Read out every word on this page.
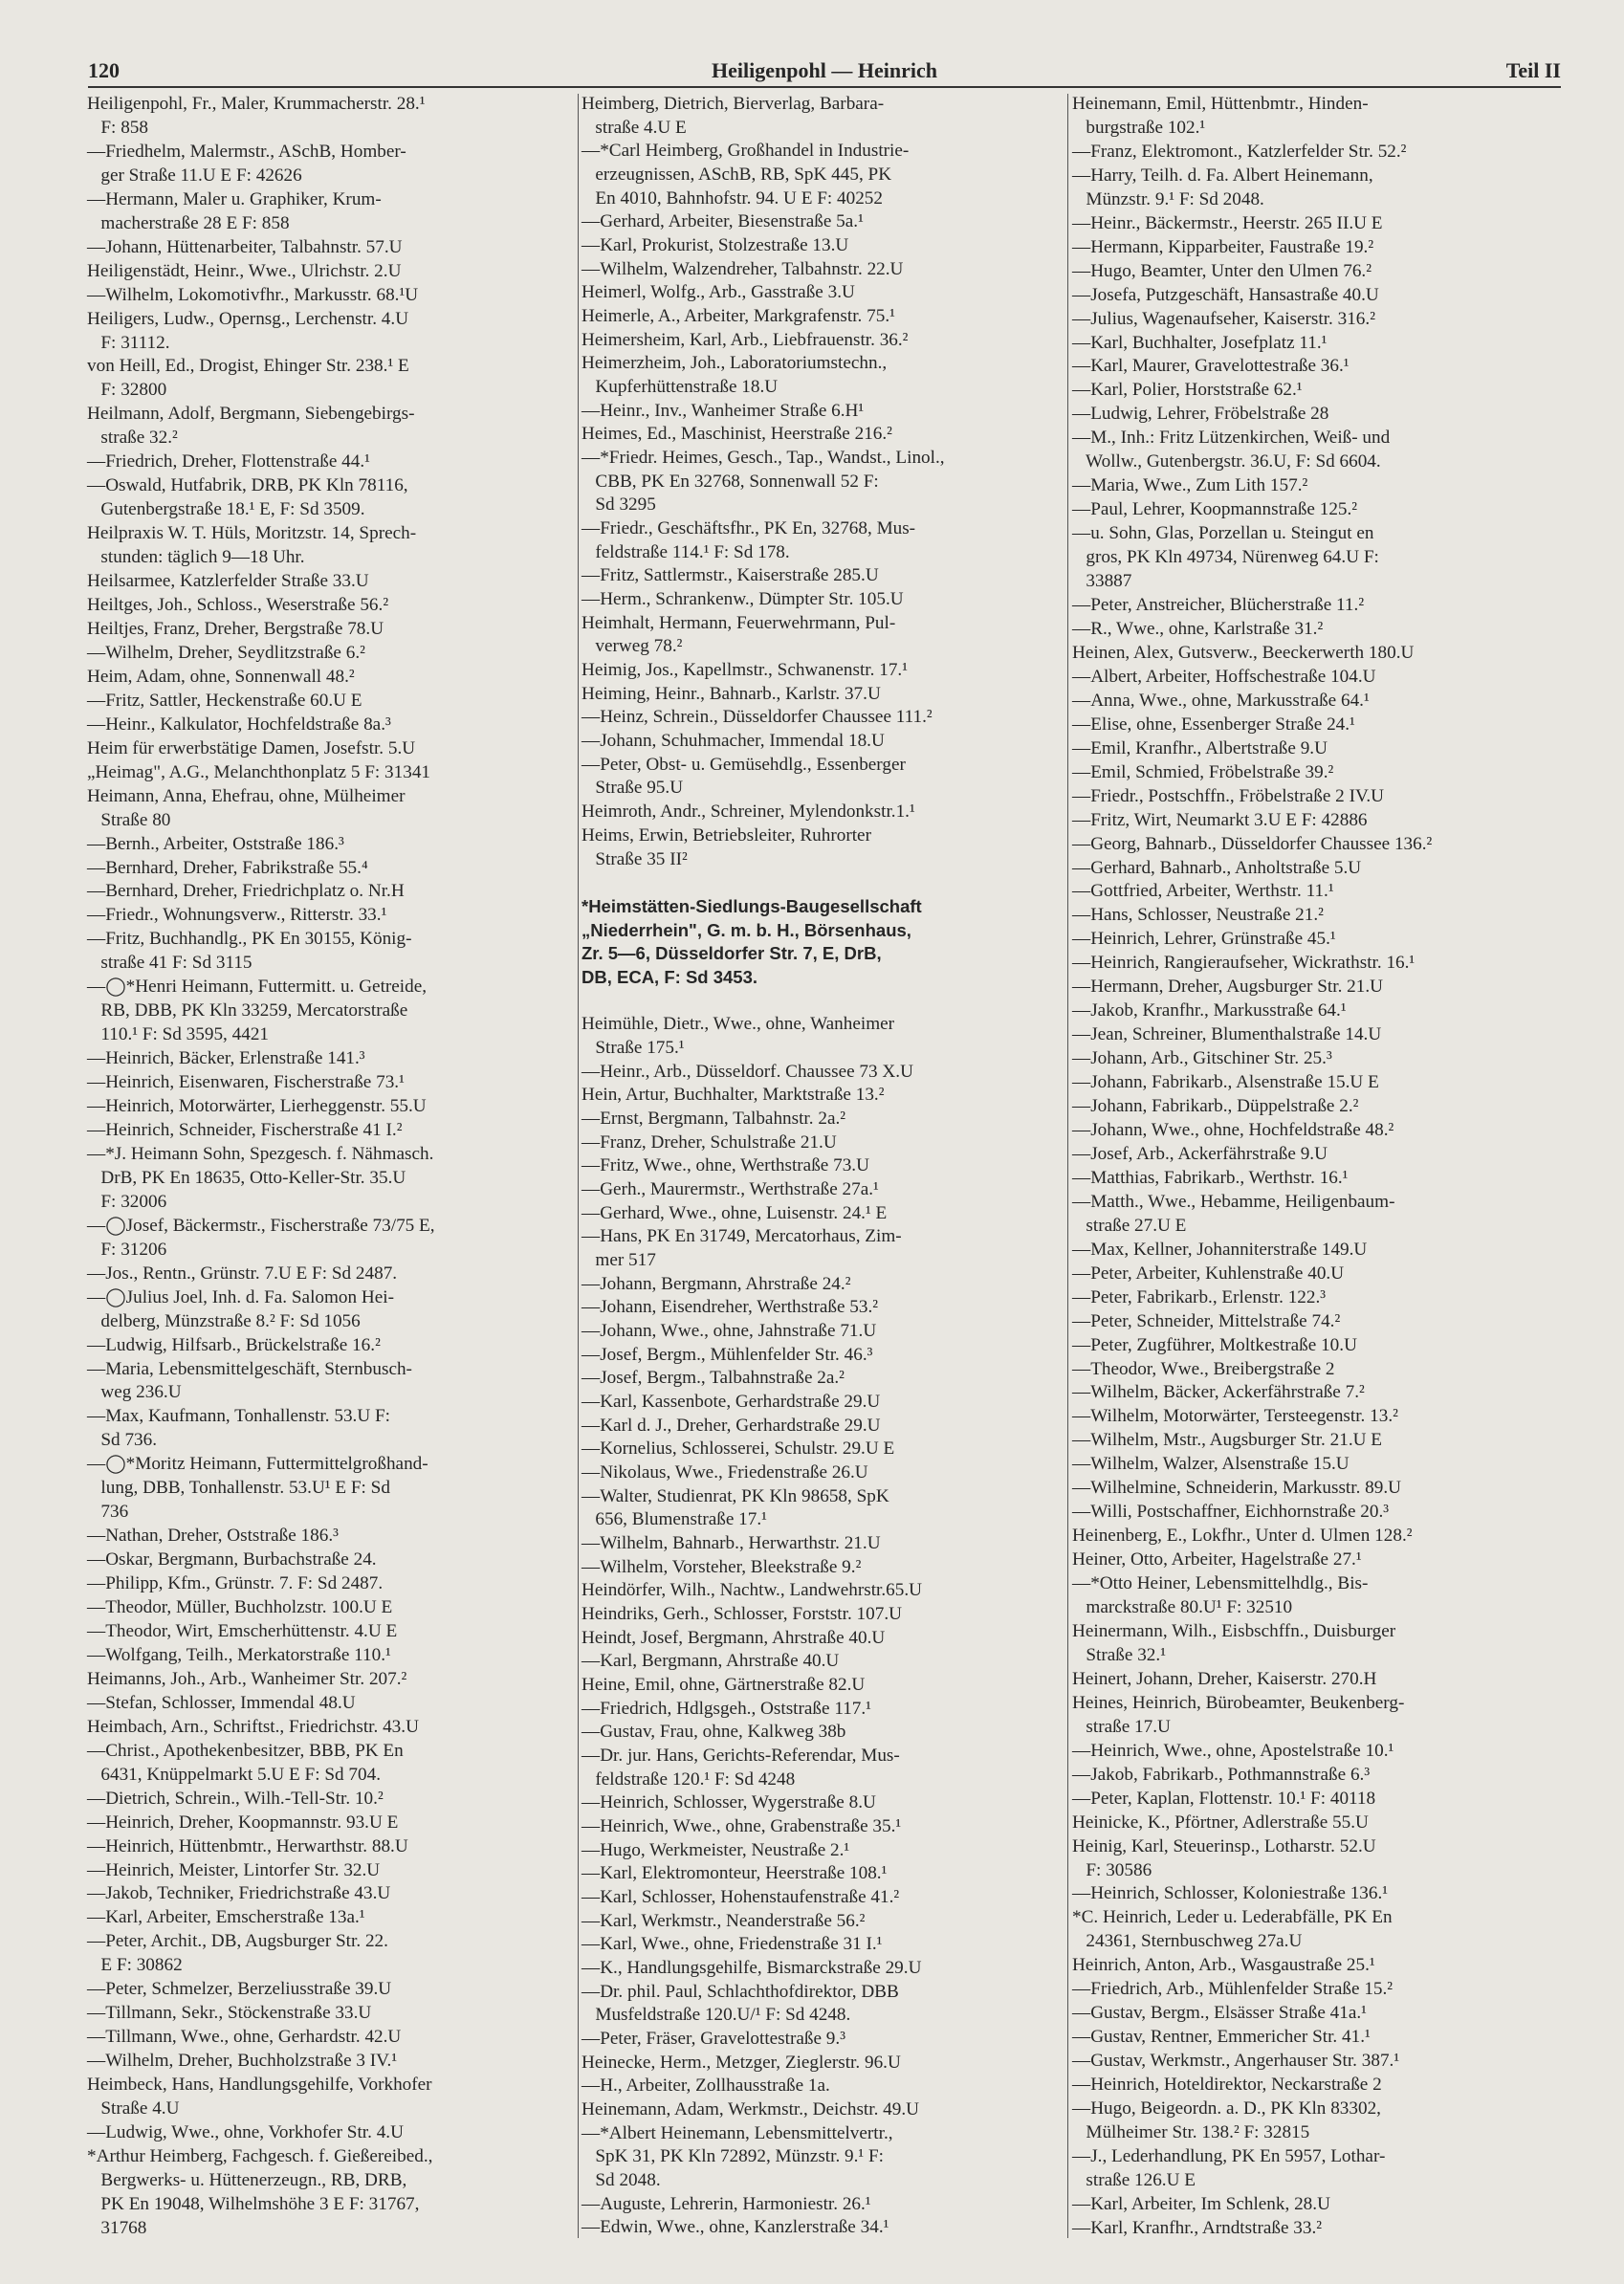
120	Heiligenpohl — Heinrich	Teil II
Heiligenpohl, Fr., Maler, Krummacherstr. 28.¹
F: 858
—Friedhelm, Malermstr., ASchB, Homber-
ger Straße 11.U E F: 42626
—Hermann, Maler u. Graphiker, Krum-
macherstraße 28 E F: 858
—Johann, Hüttenarbeiter, Talbahnstr. 57.U
Heiligenstädt, Heinr., Wwe., Ulrichstr. 2.U
—Wilhelm, Lokomotivfhr., Markusstr. 68.¹U
Heiligers, Ludw., Opernsg., Lerchenstr. 4.U
F: 31112.
von Heill, Ed., Drogist, Ehinger Str. 238.¹ E
F: 32800
Heilmann, Adolf, Bergmann, Siebengebirgs-
straße 32.²
—Friedrich, Dreher, Flottenstraße 44.¹
—Oswald, Hutfabrik, DRB, PK Kln 78116,
Gutenbergstraße 18.¹ E, F: Sd 3509.
Heilpraxis W. T. Hüls, Moritzstr. 14, Sprech-
stunden: täglich 9—18 Uhr.
Heilsarmee, Katzlerfelder Straße 33.U
Heiltges, Joh., Schloss., Weserstraße 56.²
Heiltjes, Franz, Dreher, Bergstraße 78.U
—Wilhelm, Dreher, Seydlitzstraße 6.²
Heim, Adam, ohne, Sonnenwall 48.²
—Fritz, Sattler, Heckenstraße 60.U E
—Heinr., Kalkulator, Hochfeldstraße 8a.³
Heim für erwerbstätige Damen, Josefstr. 5.U
„Heimag", A.G., Melanchthonplatz 5 F: 31341
Heimann, Anna, Ehefrau, ohne, Mülheimer
Straße 80
—Bernh., Arbeiter, Oststraße 186.³
—Bernhard, Dreher, Fabrikstraße 55.⁴
—Bernhard, Dreher, Friedrichplatz o. Nr.H
—Friedr., Wohnungsverw., Ritterstr. 33.¹
—Fritz, Buchhandlg., PK En 30155, König-
straße 41 F: Sd 3115
—◯*Henri Heimann, Futtermitt. u. Getreide,
RB, DBB, PK Kln 33259, Mercatorstraße
110.¹ F: Sd 3595, 4421
—Heinrich, Bäcker, Erlenstraße 141.³
—Heinrich, Eisenwaren, Fischerstraße 73.¹
—Heinrich, Motorwärter, Lierheggenstr. 55.U
—Heinrich, Schneider, Fischerstraße 41 I.²
—*J. Heimann Sohn, Spezgesch. f. Nähmasch.
DrB, PK En 18635, Otto-Keller-Str. 35.U
F: 32006
—◯Josef, Bäckermstr., Fischerstraße 73/75 E,
F: 31206
—Jos., Rentn., Grünstr. 7.U E F: Sd 2487.
—◯Julius Joel, Inh. d. Fa. Salomon Hei-
delberg, Münzstraße 8.² F: Sd 1056
—Ludwig, Hilfsarb., Brückelstraße 16.²
—Maria, Lebensmittelgeschäft, Sternbusch-
weg 236.U
—Max, Kaufmann, Tonhallenstr. 53.U F:
Sd 736.
—◯*Moritz Heimann, Futtermittelgroßhand-
lung, DBB, Tonhallenstr. 53.U¹ E F: Sd
736
—Nathan, Dreher, Oststraße 186.³
—Oskar, Bergmann, Burbachstraße 24.
—Philipp, Kfm., Grünstr. 7. F: Sd 2487.
—Theodor, Müller, Buchholzstr. 100.U E
—Theodor, Wirt, Emscherhüttenstr. 4.U E
—Wolfgang, Teilh., Merkatorstraße 110.¹
Heimanns, Joh., Arb., Wanheimer Str. 207.²
—Stefan, Schlosser, Immendal 48.U
Heimbach, Arn., Schriftst., Friedrichstr. 43.U
—Christ., Apothekenbesitzer, BBB, PK En
6431, Knüppelmarkt 5.U E F: Sd 704.
—Dietrich, Schrein., Wilh.-Tell-Str. 10.²
—Heinrich, Dreher, Koopmannstr. 93.U E
—Heinrich, Hüttenbmtr., Herwarthstr. 88.U
—Heinrich, Meister, Lintorfer Str. 32.U
—Jakob, Techniker, Friedrichstraße 43.U
—Karl, Arbeiter, Emscherstraße 13a.¹
—Peter, Archit., DB, Augsburger Str. 22.
E F: 30862
—Peter, Schmelzer, Berzeliusstraße 39.U
—Tillmann, Sekr., Stöckenstraße 33.U
—Tillmann, Wwe., ohne, Gerhardstr. 42.U
—Wilhelm, Dreher, Buchholzstraße 3 IV.¹
Heimbeck, Hans, Handlungsgehilfe, Vorkhofer
Straße 4.U
—Ludwig, Wwe., ohne, Vorkhofer Str. 4.U
*Arthur Heimberg, Fachgesch. f. Gießereibed.,
Bergwerks- u. Hüttenerzeugn., RB, DRB,
PK En 19048, Wilhelmshöhe 3 E F: 31767,
31768
Heimberg, Dietrich, Bierverlag, Barbara-
straße 4.U E
—*Carl Heimberg, Großhandel in Industrie-
erzeugnissen, ASchB, RB, SpK 445, PK
En 4010, Bahnhofstr. 94. U E F: 40252
—Gerhard, Arbeiter, Biesenstraße 5a.¹
—Karl, Prokurist, Stolzestraße 13.U
—Wilhelm, Walzendreher, Talbahnstr. 22.U
Heimerl, Wolfg., Arb., Gasstraße 3.U
Heimerle, A., Arbeiter, Markgrafenstr. 75.¹
Heimersheim, Karl, Arb., Liebfrauenstr. 36.²
Heimerzheim, Joh., Laboratoriumstechn.,
Kupferhüttenstraße 18.U
—Heinr., Inv., Wanheimer Straße 6.H¹
Heimes, Ed., Maschinist, Heerstraße 216.²
—*Friedr. Heimes, Gesch., Tap., Wandst., Linol.,
CBB, PK En 32768, Sonnenwall 52 F:
Sd 3295
—Friedr., Geschäftsfhr., PK En, 32768, Mus-
feldstraße 114.¹ F: Sd 178.
—Fritz, Sattlermstr., Kaiserstraße 285.U
—Herm., Schrankenw., Dümpter Str. 105.U
Heimhalt, Hermann, Feuerwehrmann, Pul-
verweg 78.²
Heimig, Jos., Kapellmstr., Schwanenstr. 17.¹
Heiming, Heinr., Bahnarb., Karlstr. 37.U
—Heinz, Schrein., Düsseldorfer Chaussee 111.²
—Johann, Schuhmacher, Immendal 18.U
—Peter, Obst- u. Gemüsehdlg., Essenberger
Straße 95.U
Heimroth, Andr., Schreiner, Mylendonkstr.1.¹
Heims, Erwin, Betriebsleiter, Ruhrorter
Straße 35 II²
*Heimstätten-Siedlungs-Baugesellschaft
„Niederrhein", G. m. b. H., Börsenhaus,
Zr. 5—6, Düsseldorfer Str. 7, E, DrB,
DB, ECA, F: Sd 3453.
Heimühle, Dietr., Wwe., ohne, Wanheimer
Straße 175.¹
—Heinr., Arb., Düsseldorf. Chaussee 73 X.U
Hein, Artur, Buchhalter, Marktstraße 13.²
—Ernst, Bergmann, Talbahnstr. 2a.²
—Franz, Dreher, Schulstraße 21.U
—Fritz, Wwe., ohne, Werthstraße 73.U
—Gerh., Maurermstr., Werthstraße 27a.¹
—Gerhard, Wwe., ohne, Luisenstr. 24.¹ E
—Hans, PK En 31749, Mercatorhaus, Zim-
mer 517
—Johann, Bergmann, Ahrstraße 24.²
—Johann, Eisendreher, Werthstraße 53.²
—Johann, Wwe., ohne, Jahnstraße 71.U
—Josef, Bergm., Mühlenfelder Str. 46.³
—Josef, Bergm., Talbahnstraße 2a.²
—Karl, Kassenbote, Gerhardstraße 29.U
—Karl d. J., Dreher, Gerhardstraße 29.U
—Kornelius, Schlosserei, Schulstr. 29.U E
—Nikolaus, Wwe., Friedenstraße 26.U
—Walter, Studienrat, PK Kln 98658, SpK
656, Blumenstraße 17.¹
—Wilhelm, Bahnarb., Herwarthstr. 21.U
—Wilhelm, Vorsteher, Bleekstraße 9.²
Heindörfer, Wilh., Nachtw., Landwehrstr.65.U
Heindriks, Gerh., Schlosser, Forststr. 107.U
Heindt, Josef, Bergmann, Ahrstraße 40.U
—Karl, Bergmann, Ahrstraße 40.U
Heine, Emil, ohne, Gärtnerstraße 82.U
—Friedrich, Hdlgsgeh., Oststraße 117.¹
—Gustav, Frau, ohne, Kalkweg 38b
—Dr. jur. Hans, Gerichts-Referendar, Mus-
feldstraße 120.¹ F: Sd 4248
—Heinrich, Schlosser, Wygerstraße 8.U
—Heinrich, Wwe., ohne, Grabenstraße 35.¹
—Hugo, Werkmeister, Neustraße 2.¹
—Karl, Elektromonteur, Heerstraße 108.¹
—Karl, Schlosser, Hohenstaufenstraße 41.²
—Karl, Werkmstr., Neanderstraße 56.²
—Karl, Wwe., ohne, Friedenstraße 31 I.¹
—K., Handlungsgehilfe, Bismarckstraße 29.U
—Dr. phil. Paul, Schlachthofdirektor, DBB
Musfeldstraße 120.U/¹ F: Sd 4248.
—Peter, Fräser, Gravelottestraße 9.³
Heinecke, Herm., Metzger, Zieglerstr. 96.U
—H., Arbeiter, Zollhausstraße 1a.
Heinemann, Adam, Werkmstr., Deichstr. 49.U
—*Albert Heinemann, Lebensmittelvertr.,
SpK 31, PK Kln 72892, Münzstr. 9.¹ F:
Sd 2048.
—Auguste, Lehrerin, Harmoniestr. 26.¹
—Edwin, Wwe., ohne, Kanzlerstraße 34.¹
Heinemann, Emil, Hüttenbmtr., Hinden-
burgstraße 102.¹
—Franz, Elektromont., Katzlerfelder Str. 52.²
—Harry, Teilh. d. Fa. Albert Heinemann,
Münzstr. 9.¹ F: Sd 2048.
—Heinr., Bäckermstr., Heerstr. 265 II.U E
—Hermann, Kipparbeiter, Faustraße 19.²
—Hugo, Beamter, Unter den Ulmen 76.²
—Josefa, Putzgeschäft, Hansastraße 40.U
—Julius, Wagenaufseher, Kaiserstr. 316.²
—Karl, Buchhalter, Josefplatz 11.¹
—Karl, Maurer, Gravelottestraße 36.¹
—Karl, Polier, Horststraße 62.¹
—Ludwig, Lehrer, Fröbelstraße 28
—M., Inh.: Fritz Lützenkirchen, Weiß- und
Wollw., Gutenbergstr. 36.U, F: Sd 6604.
—Maria, Wwe., Zum Lith 157.²
—Paul, Lehrer, Koopmannstraße 125.²
—u. Sohn, Glas, Porzellan u. Steingut en
gros, PK Kln 49734, Nürenweg 64.U F:
33887
—Peter, Anstreicher, Blücherstraße 11.²
—R., Wwe., ohne, Karlstraße 31.²
Heinen, Alex, Gutsverw., Beeckerwerth 180.U
—Albert, Arbeiter, Hoffschestraße 104.U
—Anna, Wwe., ohne, Markusstraße 64.¹
—Elise, ohne, Essenberger Straße 24.¹
—Emil, Kranfhr., Albertstraße 9.U
—Emil, Schmied, Fröbelstraße 39.²
—Friedr., Postschffn., Fröbelstraße 2 IV.U
—Fritz, Wirt, Neumarkt 3.U E F: 42886
—Georg, Bahnarb., Düsseldorfer Chaussee 136.²
—Gerhard, Bahnarb., Anholtstraße 5.U
—Gottfried, Arbeiter, Werthstr. 11.¹
—Hans, Schlosser, Neustraße 21.²
—Heinrich, Lehrer, Grünstraße 45.¹
—Heinrich, Rangieraufseher, Wickrathstr. 16.¹
—Hermann, Dreher, Augsburger Str. 21.U
—Jakob, Kranfhr., Markusstraße 64.¹
—Jean, Schreiner, Blumenthalstraße 14.U
—Johann, Arb., Gitschiner Str. 25.³
—Johann, Fabrikarb., Alsenstraße 15.U E
—Johann, Fabrikarb., Düppelstraße 2.²
—Johann, Wwe., ohne, Hochfeldstraße 48.²
—Josef, Arb., Ackerfährstraße 9.U
—Matthias, Fabrikarb., Werthstr. 16.¹
—Matth., Wwe., Hebamme, Heiligenbaum-
straße 27.U E
—Max, Kellner, Johanniterstraße 149.U
—Peter, Arbeiter, Kuhlenstraße 40.U
—Peter, Fabrikarb., Erlenstr. 122.³
—Peter, Schneider, Mittelstraße 74.²
—Peter, Zugführer, Moltkestraße 10.U
—Theodor, Wwe., Breibergstraße 2
—Wilhelm, Bäcker, Ackerfährstraße 7.²
—Wilhelm, Motorwärter, Tersteegenstr. 13.²
—Wilhelm, Mstr., Augsburger Str. 21.U E
—Wilhelm, Walzer, Alsenstraße 15.U
—Wilhelmine, Schneiderin, Markusstr. 89.U
—Willi, Postschaffner, Eichhornstraße 20.³
Heinenberg, E., Lokfhr., Unter d. Ulmen 128.²
Heiner, Otto, Arbeiter, Hagelstraße 27.¹
—*Otto Heiner, Lebensmittelhdlg., Bis-
marckstraße 80.U¹ F: 32510
Heinermann, Wilh., Eisbschffn., Duisburger
Straße 32.¹
Heinert, Johann, Dreher, Kaiserstr. 270.H
Heines, Heinrich, Bürobeamter, Beukenberg-
straße 17.U
—Heinrich, Wwe., ohne, Apostelstraße 10.¹
—Jakob, Fabrikarb., Pothmannstraße 6.³
—Peter, Kaplan, Flottenstr. 10.¹ F: 40118
Heinicke, K., Pförtner, Adlerstraße 55.U
Heinig, Karl, Steuerinsp., Lotharstr. 52.U
F: 30586
—Heinrich, Schlosser, Koloniestraße 136.¹
*C. Heinrich, Leder u. Lederabfälle, PK En
24361, Sternbuschweg 27a.U
Heinrich, Anton, Arb., Wasgaustraße 25.¹
—Friedrich, Arb., Mühlenfelder Straße 15.²
—Gustav, Bergm., Elsässer Straße 41a.¹
—Gustav, Rentner, Emmericher Str. 41.¹
—Gustav, Werkmstr., Angerhauser Str. 387.¹
—Heinrich, Hoteldirektor, Neckarstraße 2
—Hugo, Beigeordn. a. D., PK Kln 83302,
Mülheimer Str. 138.² F: 32815
—J., Lederhandlung, PK En 5957, Lothar-
straße 126.U E
—Karl, Arbeiter, Im Schlenk, 28.U
—Karl, Kranfhr., Arndtstraße 33.²
